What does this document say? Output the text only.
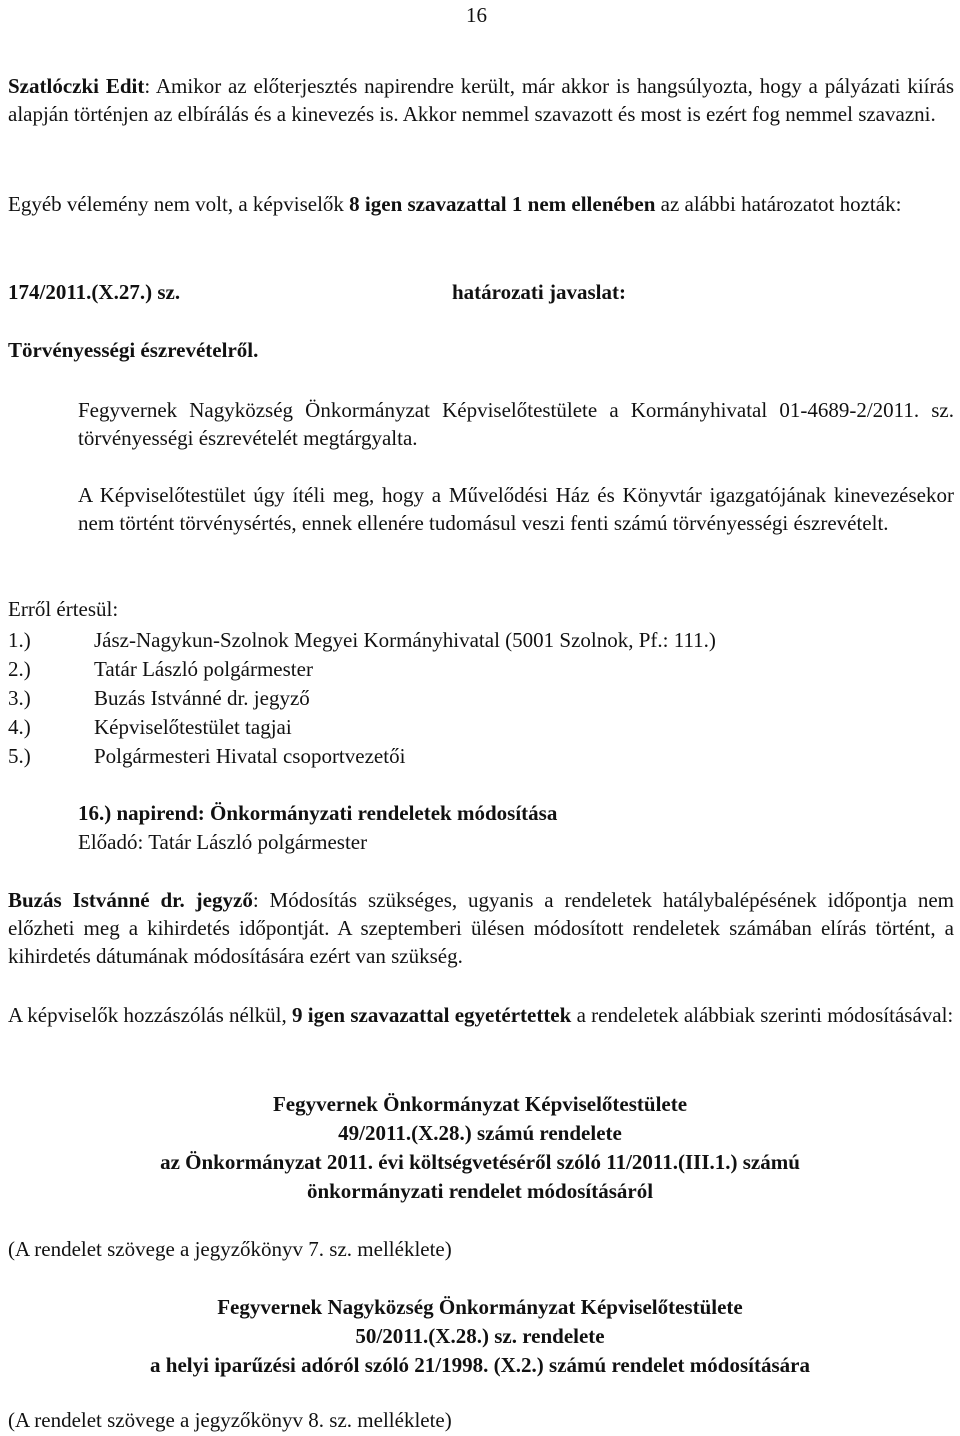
16
Szatlóczki Edit: Amikor az előterjesztés napirendre került, már akkor is hangsúlyozta, hogy a pályázati kiírás alapján történjen az elbírálás és a kinevezés is. Akkor nemmel szavazott és most is ezért fog nemmel szavazni.
Egyéb vélemény nem volt, a képviselők 8 igen szavazattal 1 nem ellenében az alábbi határozatot hozták:
174/2011.(X.27.) sz.	határozati javaslat:
Törvényességi észrevételről.
Fegyvernek Nagyközség Önkormányzat Képviselőtestülete a Kormányhivatal 01-4689-2/2011. sz. törvényességi észrevételét megtárgyalta.
A Képviselőtestület úgy ítéli meg, hogy a Művelődési Ház és Könyvtár igazgatójának kinevezésekor nem történt törvénysértés, ennek ellenére tudomásul veszi fenti számú törvényességi észrevételt.
Erről értesül:
1.)	Jász-Nagykun-Szolnok Megyei Kormányhivatal (5001 Szolnok, Pf.: 111.)
2.)	Tatár László polgármester
3.)	Buzás Istvánné dr. jegyző
4.)	Képviselőtestület tagjai
5.)	Polgármesteri Hivatal csoportvezetői
16.) napirend: Önkormányzati rendeletek módosítása
Előadó: Tatár László polgármester
Buzás Istvánné dr. jegyző: Módosítás szükséges, ugyanis a rendeletek hatálybalépésének időpontja nem előzheti meg a kihirdetés időpontját. A szeptemberi ülésen módosított rendeletek számában elírás történt, a kihirdetés dátumának módosítására ezért van szükség.
A képviselők hozzászólás nélkül, 9 igen szavazattal egyetértettek a rendeletek alábbiak szerinti módosításával:
Fegyvernek Önkormányzat Képviselőtestülete
49/2011.(X.28.) számú rendelete
az Önkormányzat 2011. évi költségvetéséről szóló 11/2011.(III.1.) számú
önkormányzati rendelet módosításáról
(A rendelet szövege a jegyzőkönyv 7. sz. melléklete)
Fegyvernek Nagyközség Önkormányzat Képviselőtestülete
50/2011.(X.28.) sz. rendelete
a helyi iparűzési adóról szóló 21/1998. (X.2.) számú rendelet módosítására
(A rendelet szövege a jegyzőkönyv 8. sz. melléklete)
